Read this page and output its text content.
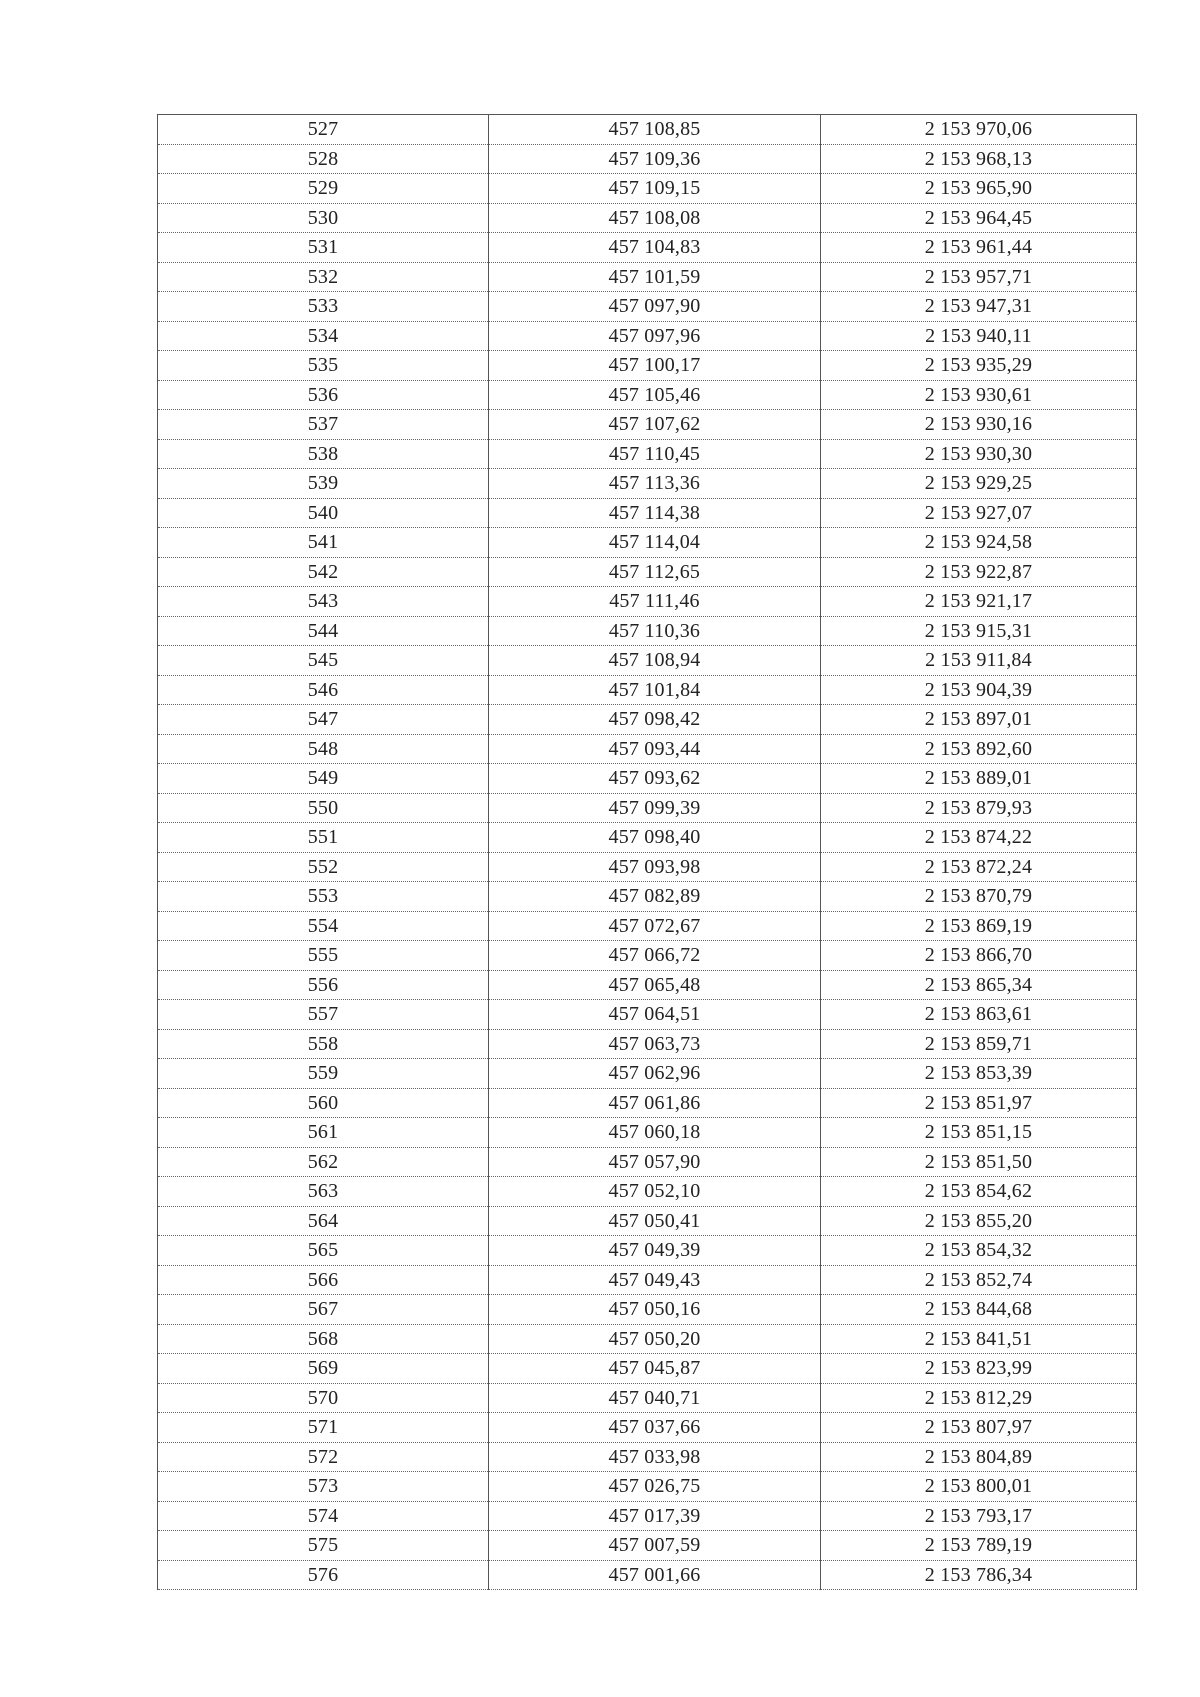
527	457 108,85	2 153 970,06
528	457 109,36	2 153 968,13
529	457 109,15	2 153 965,90
530	457 108,08	2 153 964,45
531	457 104,83	2 153 961,44
532	457 101,59	2 153 957,71
533	457 097,90	2 153 947,31
534	457 097,96	2 153 940,11
535	457 100,17	2 153 935,29
536	457 105,46	2 153 930,61
537	457 107,62	2 153 930,16
538	457 110,45	2 153 930,30
539	457 113,36	2 153 929,25
540	457 114,38	2 153 927,07
541	457 114,04	2 153 924,58
542	457 112,65	2 153 922,87
543	457 111,46	2 153 921,17
544	457 110,36	2 153 915,31
545	457 108,94	2 153 911,84
546	457 101,84	2 153 904,39
547	457 098,42	2 153 897,01
548	457 093,44	2 153 892,60
549	457 093,62	2 153 889,01
550	457 099,39	2 153 879,93
551	457 098,40	2 153 874,22
552	457 093,98	2 153 872,24
553	457 082,89	2 153 870,79
554	457 072,67	2 153 869,19
555	457 066,72	2 153 866,70
556	457 065,48	2 153 865,34
557	457 064,51	2 153 863,61
558	457 063,73	2 153 859,71
559	457 062,96	2 153 853,39
560	457 061,86	2 153 851,97
561	457 060,18	2 153 851,15
562	457 057,90	2 153 851,50
563	457 052,10	2 153 854,62
564	457 050,41	2 153 855,20
565	457 049,39	2 153 854,32
566	457 049,43	2 153 852,74
567	457 050,16	2 153 844,68
568	457 050,20	2 153 841,51
569	457 045,87	2 153 823,99
570	457 040,71	2 153 812,29
571	457 037,66	2 153 807,97
572	457 033,98	2 153 804,89
573	457 026,75	2 153 800,01
574	457 017,39	2 153 793,17
575	457 007,59	2 153 789,19
576	457 001,66	2 153 786,34
